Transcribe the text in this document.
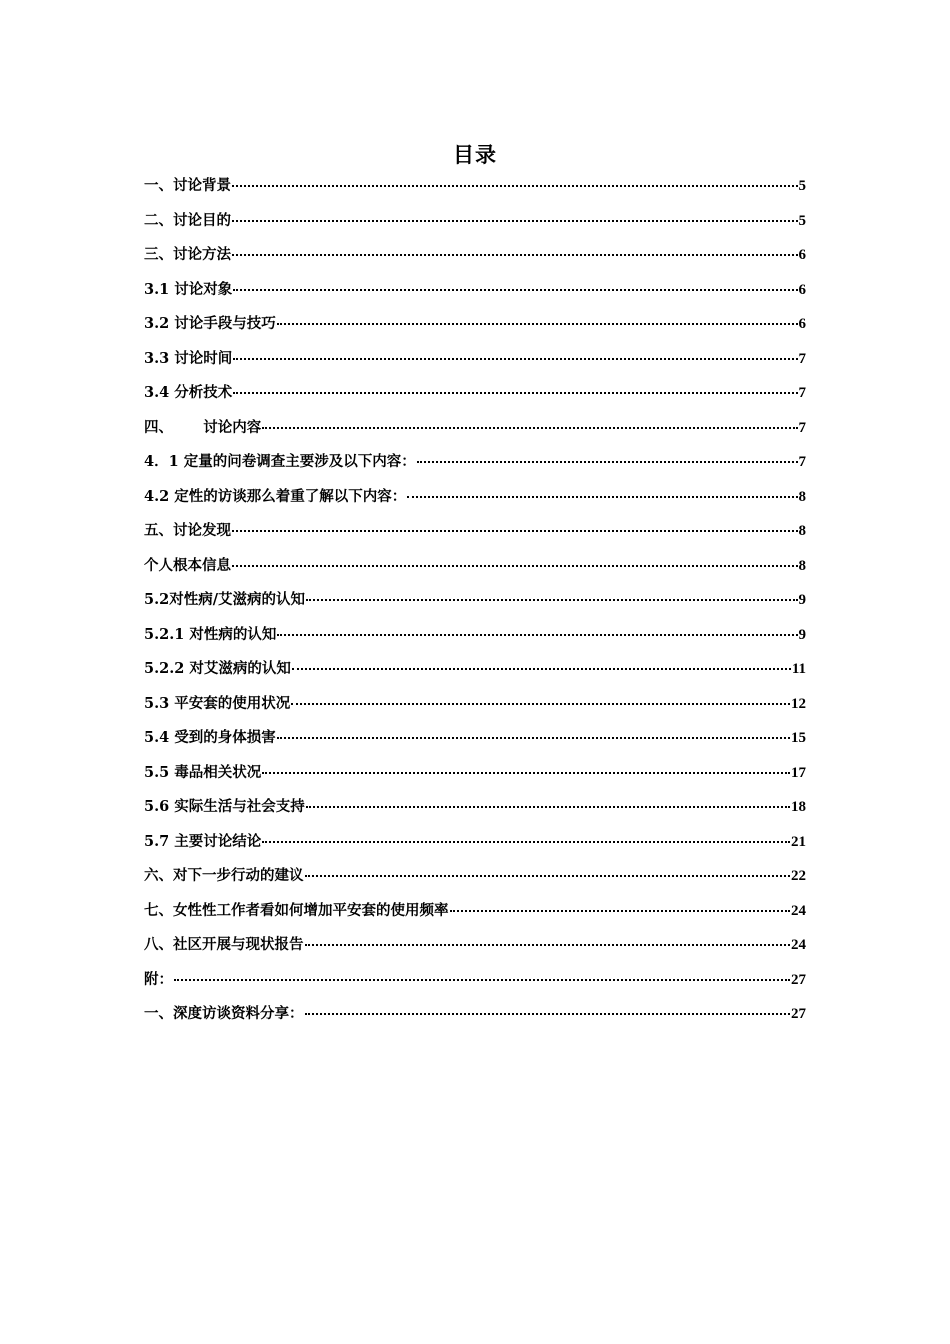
目录
一、讨论背景	5
二、讨论目的	5
三、讨论方法	6
3.1 讨论对象	6
3.2 讨论手段与技巧	6
3.3 讨论时间	7
3.4 分析技术	7
四、      讨论内容	7
4．1 定量的问卷调查主要涉及以下内容：	7
4.2 定性的访谈那么着重了解以下内容：	8
五、讨论发现	8
个人根本信息	8
5.2对性病/艾滋病的认知	9
5.2.1 对性病的认知	9
5.2.2 对艾滋病的认知	11
5.3 平安套的使用状况	12
5.4 受到的身体损害	15
5.5 毒品相关状况	17
5.6 实际生活与社会支持	18
5.7 主要讨论结论	21
六、对下一步行动的建议	22
七、女性性工作者看如何增加平安套的使用频率	24
八、社区开展与现状报告	24
附：	27
一、深度访谈资料分享：	27
